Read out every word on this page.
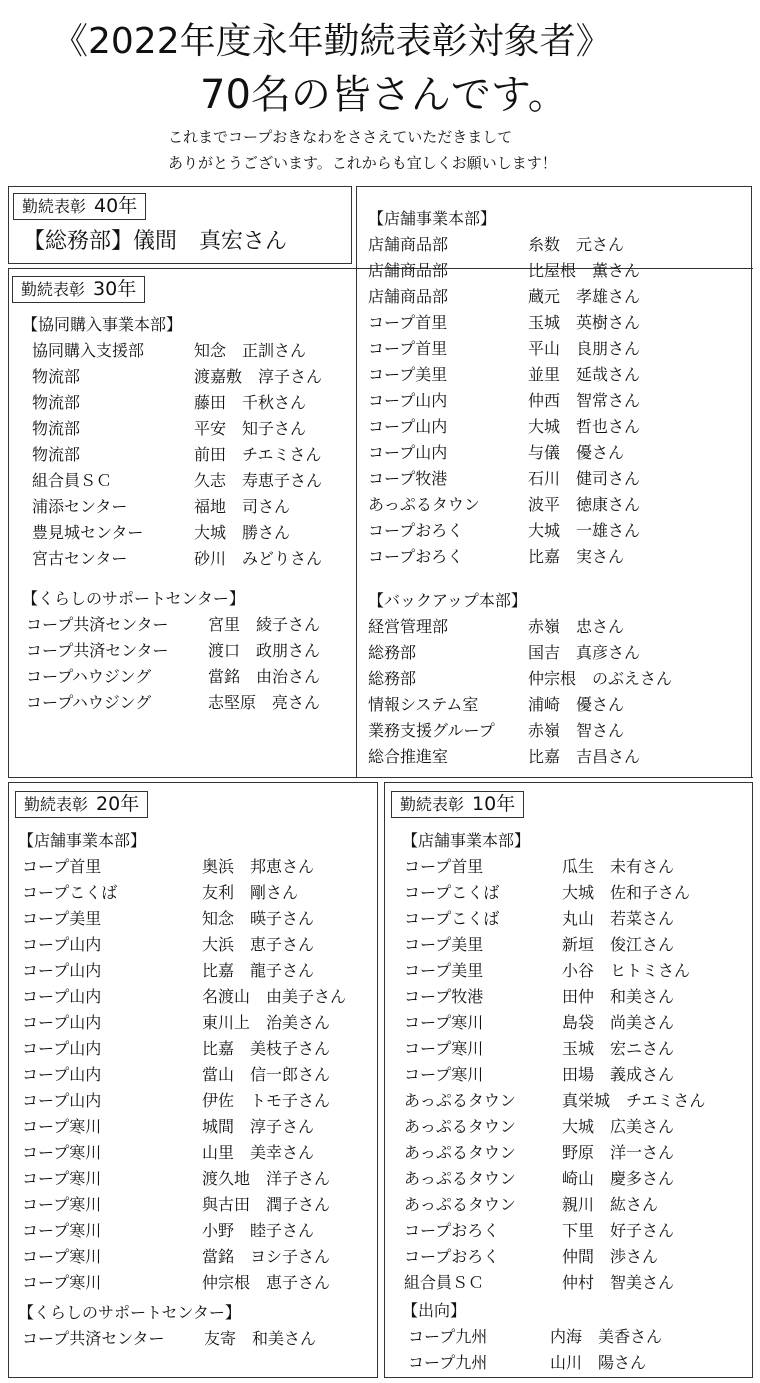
《2022年度永年勤続表彰対象者》
70名の皆さんです。
これまでコープおきなわをささえていただきまして
ありがとうございます。これからも宜しくお願いします！
勤続表彰 40年
【総務部】儀間　真宏さん
勤続表彰 30年
【協同購入事業本部】
協同購入支援部	知念　正訓さん
物流部	渡嘉敷　淳子さん
物流部	藤田　千秋さん
物流部	平安　知子さん
物流部	前田　チエミさん
組合員ＳＣ	久志　寿恵子さん
浦添センター	福地　司さん
豊見城センター	大城　勝さん
宮古センター	砂川　みどりさん
【くらしのサポートセンター】
コープ共済センター 宮里　綾子さん
コープ共済センター 渡口　政朋さん
コープハウジング	當銘　由治さん
コープハウジング	志堅原　亮さん
【店舗事業本部】
店舗商品部	糸数　元さん
店舗商品部	比屋根　薫さん
店舗商品部	蔵元　孝雄さん
コープ首里	玉城　英樹さん
コープ首里	平山　良朋さん
コープ美里	並里　延哉さん
コープ山内	仲西　智常さん
コープ山内	大城　哲也さん
コープ山内	与儀　優さん
コープ牧港	石川　健司さん
あっぷるタウン	波平　徳康さん
コープおろく	大城　一雄さん
コープおろく	比嘉　実さん
【バックアップ本部】
経営管理部	赤嶺　忠さん
総務部	国吉　真彦さん
総務部	仲宗根　のぶえさん
情報システム室	浦崎　優さん
業務支援グループ 赤嶺　智さん
総合推進室	比嘉　吉昌さん
勤続表彰 20年
【店舗事業本部】
コープ首里	奥浜　邦恵さん
コープこくば	友利　剛さん
コープ美里	知念　暎子さん
コープ山内	大浜　恵子さん
コープ山内	比嘉　龍子さん
コープ山内	名渡山　由美子さん
コープ山内	東川上　治美さん
コープ山内	比嘉　美枝子さん
コープ山内	當山　信一郎さん
コープ山内	伊佐　トモ子さん
コープ寒川	城間　淳子さん
コープ寒川	山里　美幸さん
コープ寒川	渡久地　洋子さん
コープ寒川	與古田　潤子さん
コープ寒川	小野　睦子さん
コープ寒川	當銘　ヨシ子さん
コープ寒川	仲宗根　恵子さん
【くらしのサポートセンター】
コープ共済センター 友寄　和美さん
勤続表彰 10年
【店舗事業本部】
コープ首里	瓜生　未有さん
コープこくば	大城　佐和子さん
コープこくば	丸山　若菜さん
コープ美里	新垣　俊江さん
コープ美里	小谷　ヒトミさん
コープ牧港	田仲　和美さん
コープ寒川	島袋　尚美さん
コープ寒川	玉城　宏ニさん
コープ寒川	田場　義成さん
あっぷるタウン	真栄城　チエミさん
あっぷるタウン	大城　広美さん
あっぷるタウン	野原　洋一さん
あっぷるタウン	崎山　慶多さん
あっぷるタウン	親川　紘さん
コープおろく	下里　好子さん
コープおろく	仲間　渉さん
組合員ＳＣ	仲村　智美さん
【出向】
コープ九州	内海　美香さん
コープ九州	山川　陽さん
